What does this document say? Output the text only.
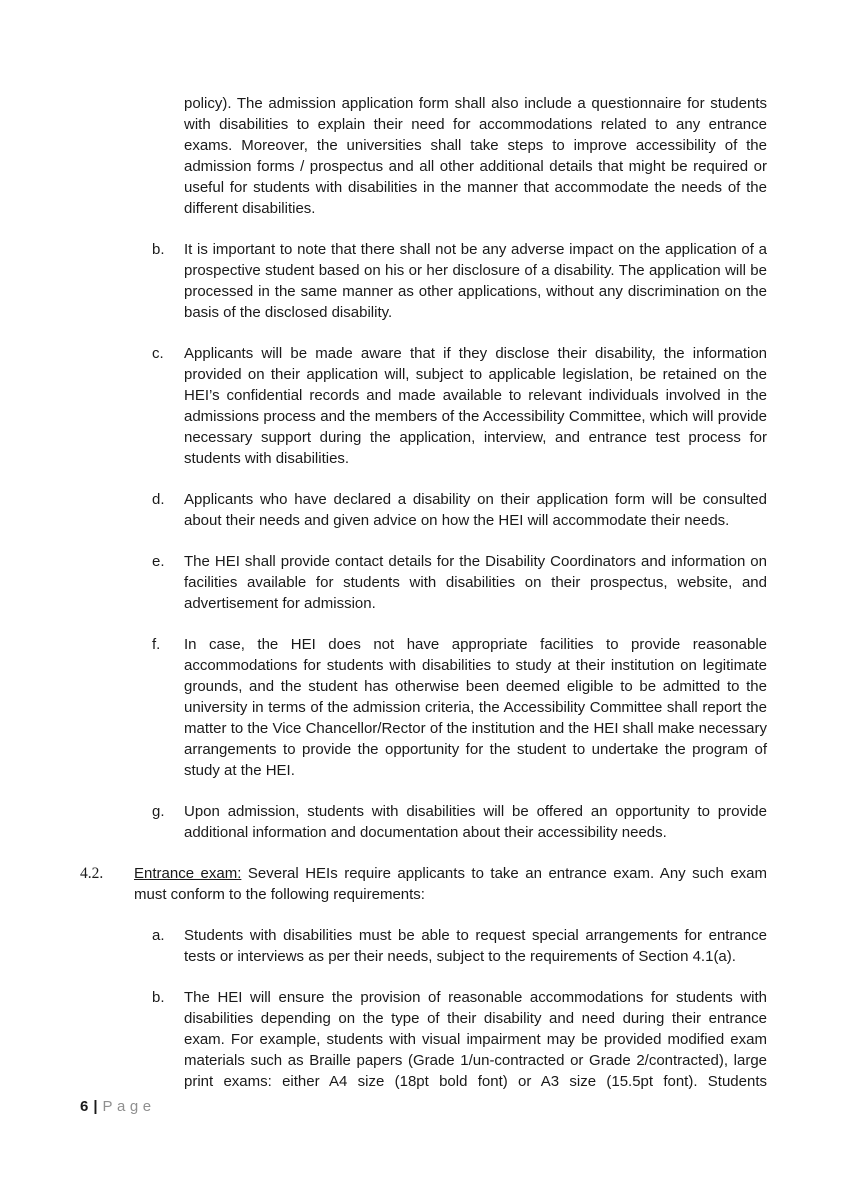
policy). The admission application form shall also include a questionnaire for students with disabilities to explain their need for accommodations related to any entrance exams. Moreover, the universities shall take steps to improve accessibility of the admission forms / prospectus and all other additional details that might be required or useful for students with disabilities in the manner that accommodate the needs of the different disabilities.

b.	It is important to note that there shall not be any adverse impact on the application of a prospective student based on his or her disclosure of a disability. The application will be processed in the same manner as other applications, without any discrimination on the basis of the disclosed disability.

c.	Applicants will be made aware that if they disclose their disability, the information provided on their application will, subject to applicable legislation, be retained on the HEI’s confidential records and made available to relevant individuals involved in the admissions process and the members of the Accessibility Committee, which will provide necessary support during the application, interview, and entrance test process for students with disabilities.

d.	Applicants who have declared a disability on their application form will be consulted about their needs and given advice on how the HEI will accommodate their needs.

e.	The HEI shall provide contact details for the Disability Coordinators and information on facilities available for students with disabilities on their prospectus, website, and advertisement for admission.

f.	In case, the HEI does not have appropriate facilities to provide reasonable accommodations for students with disabilities to study at their institution on legitimate grounds, and the student has otherwise been deemed eligible to be admitted to the university in terms of the admission criteria, the Accessibility Committee shall report the matter to the Vice Chancellor/Rector of the institution and the HEI shall make necessary arrangements to provide the opportunity for the student to undertake the program of study at the HEI.

g.	Upon admission, students with disabilities will be offered an opportunity to provide additional information and documentation about their accessibility needs.

4.2.	Entrance exam: Several HEIs require applicants to take an entrance exam. Any such exam must conform to the following requirements:

a.	Students with disabilities must be able to request special arrangements for entrance tests or interviews as per their needs, subject to the requirements of Section 4.1(a).

b.	The HEI will ensure the provision of reasonable accommodations for students with disabilities depending on the type of their disability and need during their entrance exam. For example, students with visual impairment may be provided modified exam materials such as Braille papers (Grade 1/un-contracted or Grade 2/contracted), large print exams: either A4 size (18pt bold font) or A3 size (15.5pt font). Students

6 | Page
